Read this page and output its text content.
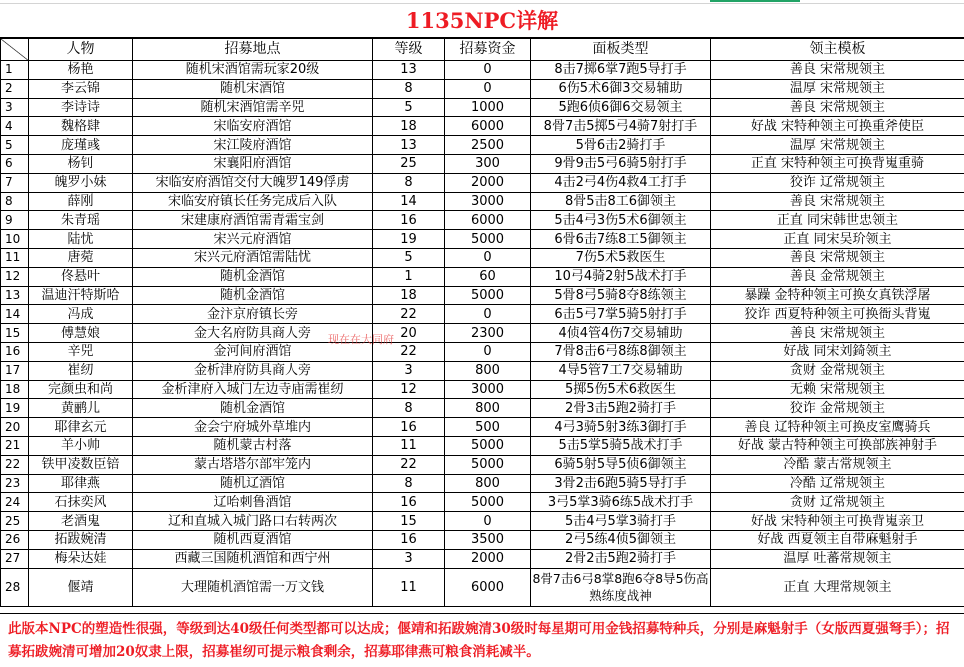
1135NPC详解
	人物	招募地点	等级	招募资金	面板类型	领主模板
1	杨艳	随机宋酒馆需玩家20级	13	0	8击7掷6掌7跑5导打手	善良 宋常规领主
2	李云锦	随机宋酒馆	8	0	6伤5术6御3交易辅助	温厚 宋常规领主
3	李诗诗	随机宋酒馆需辛兕	5	1000	5跑6侦6御6交易领主	善良 宋常规领主
4	魏格肆	宋临安府酒馆	18	6000	8骨7击5掷5弓4骑7射打手	好战 宋特种领主可换重斧使臣
5	庞瑾彧	宋江陵府酒馆	13	2500	5骨6击2骑打手	温厚 宋常规领主
6	杨钊	宋襄阳府酒馆	25	300	9骨9击5弓6骑5射打手	正直 宋特种领主可换背嵬重骑
7	魄罗小妹	宋临安府酒馆交付大魄罗149俘虏	8	2000	4击2弓4伤4救4工打手	狡诈 辽常规领主
8	薛刚	宋临安府镇长任务完成后入队	14	3000	8骨5击8工6御领主	善良 宋常规领主
9	朱青瑶	宋建康府酒馆需青霜宝剑	16	6000	5击4弓3伤5术6御领主	正直 同宋韩世忠领主
10	陆忧	宋兴元府酒馆	19	5000	6骨6击7练8工5御领主	正直 同宋吴玠领主
11	唐菀	宋兴元府酒馆需陆忧	5	0	7伤5术5救医生	善良 宋常规领主
12	佟悬叶	随机金酒馆	1	60	10弓4骑2射5战术打手	善良 金常规领主
13	温迪汗特斯哈	随机金酒馆	18	5000	5骨8弓5骑8夺8练领主	暴躁 金特种领主可换女真铁浮屠
14	冯成	金汴京府镇长旁	22	0	6击5弓7掌5骑5射打手	狡诈 西夏特种领主可换衙头背嵬
15	傅慧娘	金大名府防具商人旁	20	2300	4侦4管4伤7交易辅助	善良 宋常规领主
16	辛兕	金河间府酒馆	22	0	7骨8击6弓8练8御领主	好战 同宋刘錡领主
17	崔纫	金析津府防具商人旁	3	800	4导5管7工7交易辅助	贪财 金常规领主
18	完颜虫和尚	金析津府入城门左边寺庙需崔纫	12	3000	5掷5伤5术6救医生	无赖 宋常规领主
19	黄鹂儿	随机金酒馆	8	800	2骨3击5跑2骑打手	狡诈 金常规领主
20	耶律玄元	金会宁府城外草堆内	16	500	4弓3骑5射3练3御打手	善良 辽特种领主可换皮室鹰骑兵
21	羊小帅	随机蒙古村落	11	5000	5击5掌5骑5战术打手	好战 蒙古特种领主可换部族神射手
22	铁甲凌数臣锫	蒙古塔塔尔部牢笼内	22	5000	6骑5射5导5侦6御领主	冷酷 蒙古常规领主
23	耶律燕	随机辽酒馆	8	800	3骨2击6跑5骑5导打手	冷酷 辽常规领主
24	石抹奕风	辽咍刺鲁酒馆	16	5000	3弓5掌3骑6练5战术打手	贪财 辽常规领主
25	老酒鬼	辽和直城入城门路口右转两次	15	0	5击4弓5掌3骑打手	好战 宋特种领主可换背嵬亲卫
26	拓跋婉清	随机西夏酒馆	16	3500	2弓5练4侦5御领主	好战 西夏领主自带麻魁射手
27	梅朵达娃	西藏三国随机酒馆和西宁州	3	2000	2骨2击5跑2骑打手	温厚 吐蕃常规领主
28	偃靖	大理随机酒馆需一万文钱	11	6000	8骨7击6弓8掌8跑6夺8导5伤高熟练度战神	正直 大理常规领主
现在在大同府
此版本NPC的塑造性很强，等级到达40级任何类型都可以达成；偃靖和拓跋婉清30级时每星期可用金钱招募特种兵，分别是麻魁射手（女版西夏强弩手）；招募拓跋婉清可增加20奴隶上限，招募崔纫可提示粮食剩余，招募耶律燕可粮食消耗减半。
